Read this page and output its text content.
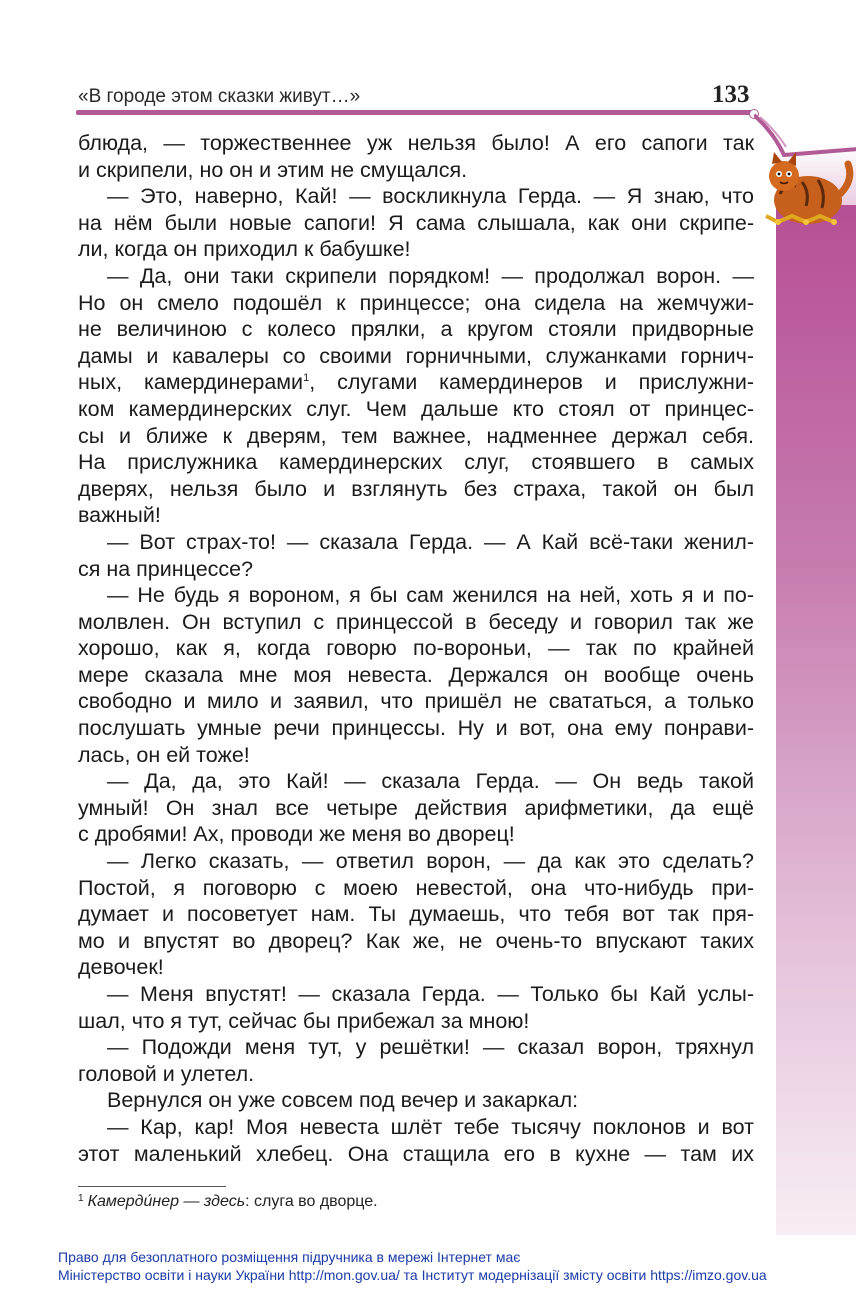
«В городе этом сказки живут…»	133
блюда, — торжественнее уж нельзя было! А его сапоги так
и скрипели, но он и этим не смущался.
— Это, наверно, Кай! — воскликнула Герда. — Я знаю, что
на нём были новые сапоги! Я сама слышала, как они скрипе-
ли, когда он приходил к бабушке!
— Да, они таки скрипели порядком! — продолжал ворон. —
Но он смело подошёл к принцессе; она сидела на жемчужи-
не величиною с колесо прялки, а кругом стояли придворные
дамы и кавалеры со своими горничными, служанками горнич-
ных, камердинерами$^1$, слугами камердинеров и прислужни-
ком камердинерских слуг. Чем дальше кто стоял от принцес-
сы и ближе к дверям, тем важнее, надменнее держал себя.
На прислужника камердинерских слуг, стоявшего в самых
дверях, нельзя было и взглянуть без страха, такой он был
важный!
— Вот страх-то! — сказала Герда. — А Кай всё-таки женил-
ся на принцессе?
— Не будь я вороном, я бы сам женился на ней, хоть я и по-
молвлен. Он вступил с принцессой в беседу и говорил так же
хорошо, как я, когда говорю по-вороньи, — так по крайней
мере сказала мне моя невеста. Держался он вообще очень
свободно и мило и заявил, что пришёл не свататься, а только
послушать умные речи принцессы. Ну и вот, она ему понрави-
лась, он ей тоже!
— Да, да, это Кай! — сказала Герда. — Он ведь такой
умный! Он знал все четыре действия арифметики, да ещё
с дробями! Ах, проводи же меня во дворец!
— Легко сказать, — ответил ворон, — да как это сделать?
Постой, я поговорю с моею невестой, она что-нибудь при-
думает и посоветует нам. Ты думаешь, что тебя вот так пря-
мо и впустят во дворец? Как же, не очень-то впускают таких
девочек!
— Меня впустят! — сказала Герда. — Только бы Кай услы-
шал, что я тут, сейчас бы прибежал за мною!
— Подожди меня тут, у решётки! — сказал ворон, тряхнул
головой и улетел.
Вернулся он уже совсем под вечер и закаркал:
— Кар, кар! Моя невеста шлёт тебе тысячу поклонов и вот
этот маленький хлебец. Она стащила его в кухне — там их
$^1$ Камерди́нер — здесь: слуга во дворце.
Право для безоплатного розміщення підручника в мережі Інтернет має
Міністерство освіти і науки України http://mon.gov.ua/ та Інститут модернізації змісту освіти https://imzo.gov.ua
